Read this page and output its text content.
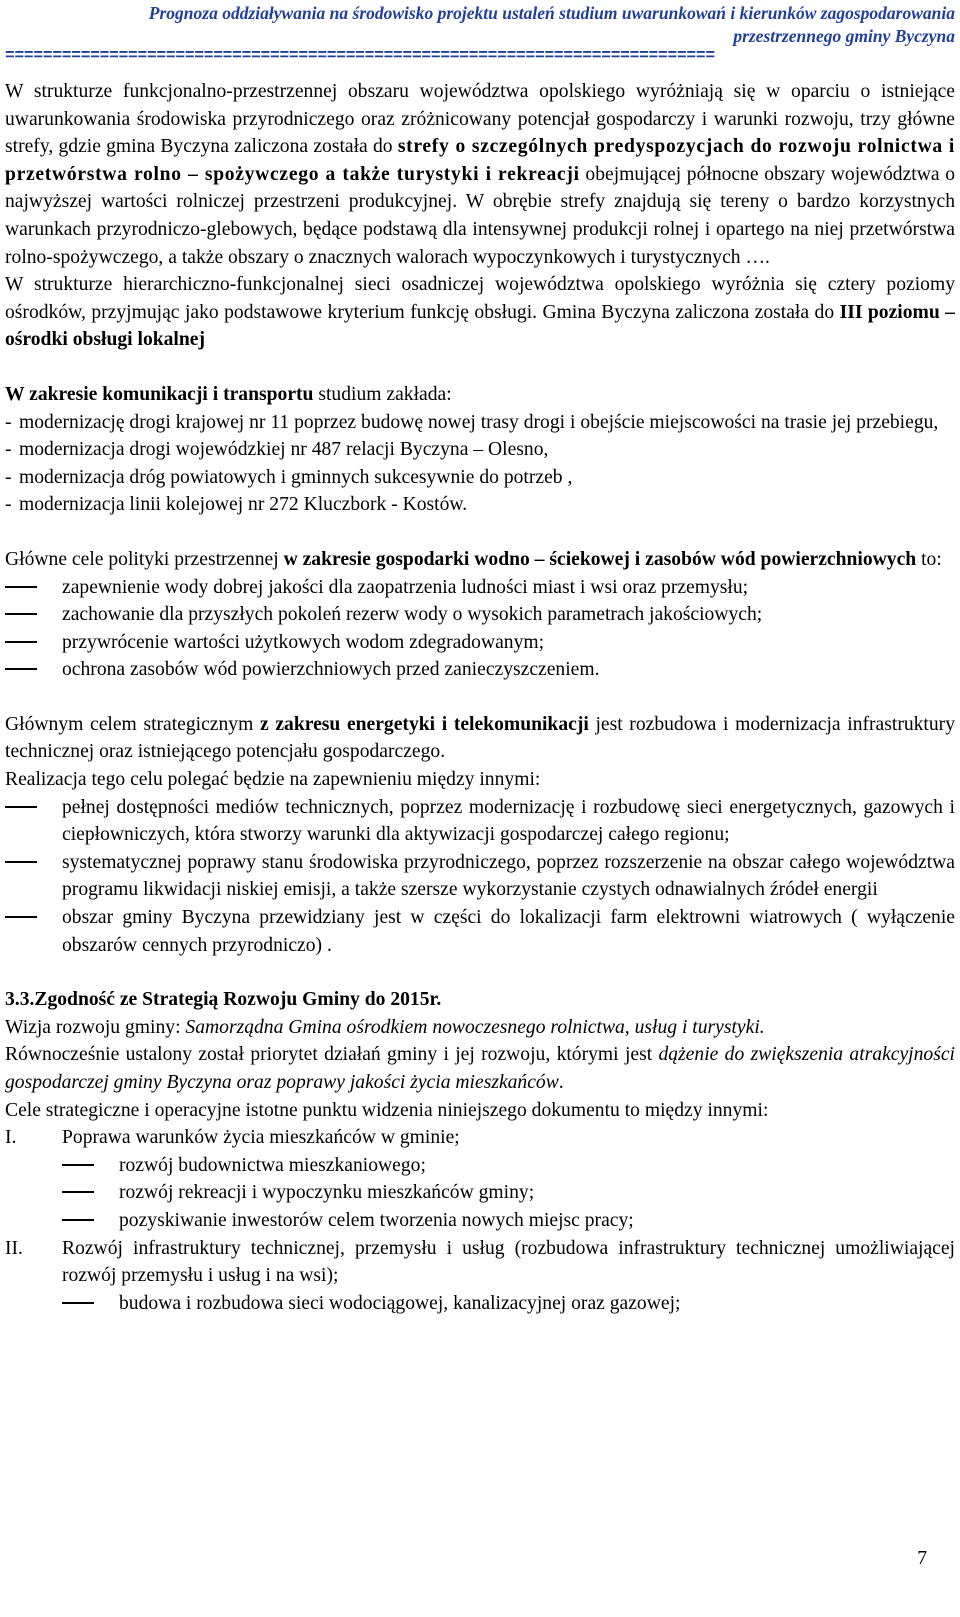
Prognoza oddziaływania na środowisko projektu ustaleń studium uwarunkowań i kierunków zagospodarowania
przestrzennego gminy Byczyna
===========================================================================

W strukturze funkcjonalno-przestrzennej obszaru województwa opolskiego wyróżniają się w oparciu o istniejące uwarunkowania środowiska przyrodniczego oraz zróżnicowany potencjał gospodarczy i warunki rozwoju, trzy główne strefy, gdzie gmina Byczyna zaliczona została do strefy o szczególnych predyspozycjach do rozwoju rolnictwa i przetwórstwa rolno – spożywczego a także turystyki i rekreacji obejmującej północne obszary województwa o najwyższej wartości rolniczej przestrzeni produkcyjnej. W obrębie strefy znajdują się tereny o bardzo korzystnych warunkach przyrodniczo-glebowych, będące podstawą dla intensywnej produkcji rolnej i opartego na niej przetwórstwa rolno-spożywczego, a także obszary o znacznych walorach wypoczynkowych i turystycznych ….

W strukturze hierarchiczno-funkcjonalnej sieci osadniczej województwa opolskiego wyróżnia się cztery poziomy ośrodków, przyjmując jako podstawowe kryterium funkcję obsługi. Gmina Byczyna zaliczona została do III poziomu – ośrodki obsługi lokalnej

W zakresie komunikacji i transportu studium zakłada:

- modernizację drogi krajowej nr 11 poprzez budowę nowej trasy drogi i obejście miejscowości na trasie jej przebiegu,
- modernizacja drogi wojewódzkiej nr 487 relacji Byczyna – Olesno,
- modernizacja dróg powiatowych i gminnych sukcesywnie do potrzeb ,
- modernizacja linii kolejowej nr 272 Kluczbork - Kostów.

Główne cele polityki przestrzennej w zakresie gospodarki wodno – ściekowej i zasobów wód powierzchniowych to:

zapewnienie wody dobrej jakości dla zaopatrzenia ludności miast i wsi oraz przemysłu;
zachowanie dla przyszłych pokoleń rezerw wody o wysokich parametrach jakościowych;
przywrócenie wartości użytkowych wodom zdegradowanym;
ochrona zasobów wód powierzchniowych przed zanieczyszczeniem.

Głównym celem strategicznym z zakresu energetyki i telekomunikacji jest rozbudowa i modernizacja infrastruktury technicznej oraz istniejącego potencjału gospodarczego.

Realizacja tego celu polegać będzie na zapewnieniu między innymi:

pełnej dostępności mediów technicznych, poprzez modernizację i rozbudowę sieci energetycznych, gazowych i ciepłowniczych, która stworzy warunki dla aktywizacji gospodarczej całego regionu;
systematycznej poprawy stanu środowiska przyrodniczego, poprzez rozszerzenie na obszar całego województwa programu likwidacji niskiej emisji, a także szersze wykorzystanie czystych odnawialnych źródeł energii
obszar gminy Byczyna przewidziany jest w części do lokalizacji farm elektrowni wiatrowych ( wyłączenie obszarów cennych przyrodniczo) .

3.3.Zgodność ze Strategią Rozwoju Gminy do 2015r.

Wizja rozwoju gminy: Samorządna Gmina ośrodkiem nowoczesnego rolnictwa, usług i turystyki.

Równocześnie ustalony został priorytet działań gminy i jej rozwoju, którymi jest dążenie do zwiększenia atrakcyjności gospodarczej gminy Byczyna oraz poprawy jakości życia mieszkańców.

Cele strategiczne i operacyjne istotne punktu widzenia niniejszego dokumentu to między innymi:

I.	Poprawa warunków życia mieszkańców w gminie;
rozwój budownictwa mieszkaniowego;
rozwój rekreacji i wypoczynku mieszkańców gminy;
pozyskiwanie inwestorów celem tworzenia nowych miejsc pracy;
II.	Rozwój infrastruktury technicznej, przemysłu i usług (rozbudowa infrastruktury technicznej umożliwiającej rozwój przemysłu i usług i na wsi);
budowa i rozbudowa sieci wodociągowej, kanalizacyjnej oraz gazowej;
7
